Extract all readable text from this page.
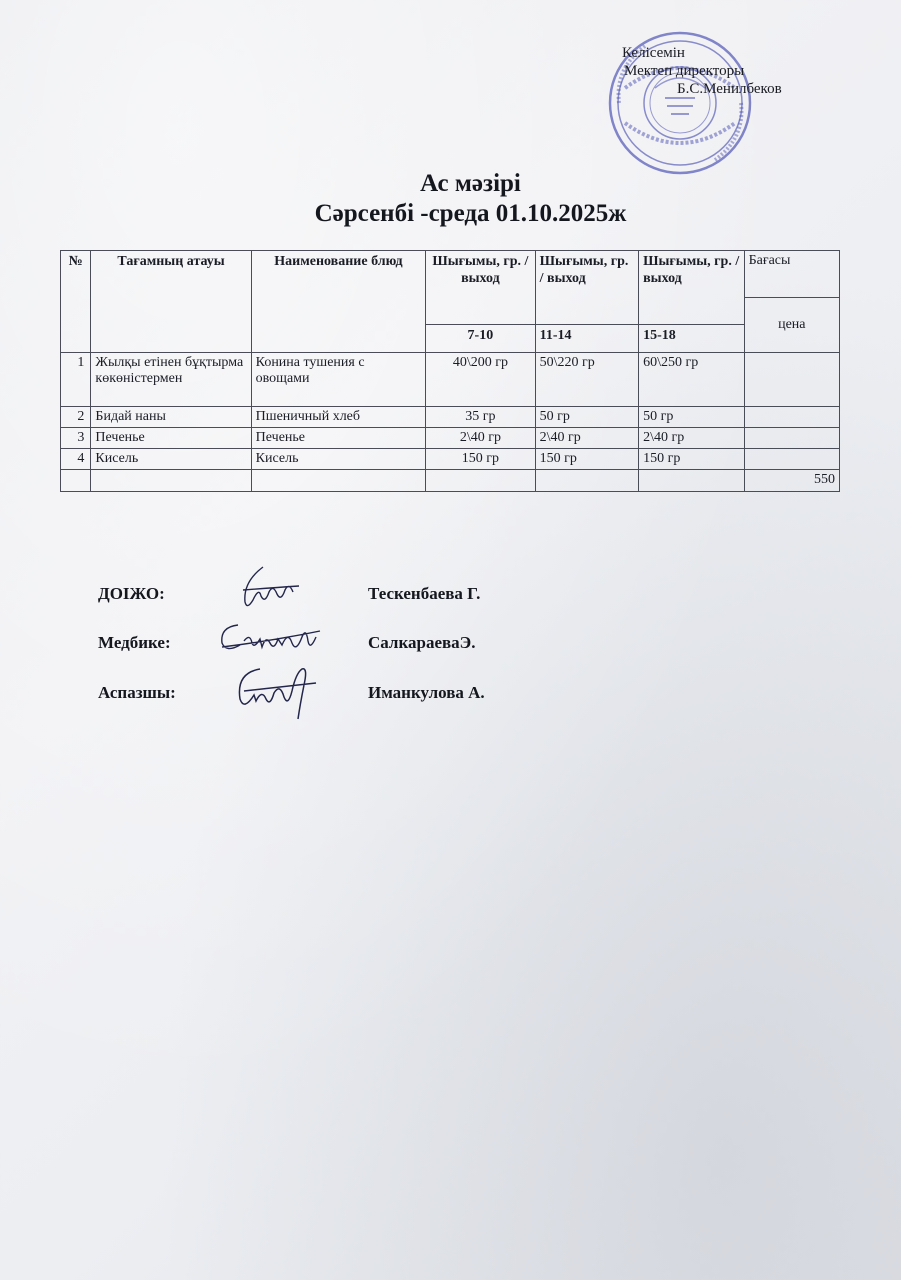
Келісемін
Мектеп директоры
Б.С.Менилбеков
Ас мәзірі
Сәрсенбі -среда 01.10.2025ж
№	Тағамның атауы	Наименование блюд	Шығымы, гр. / выход	Шығымы, гр. / выход	Шығымы, гр. / выход	Бағасы
						цена
			7-10	11-14	15-18	
1	Жылқы етінен бұқтырма көкөністермен	Конина тушения с овощами	40\200 гр	50\220 гр	60\250 гр	
2	Бидай наны	Пшеничный хлеб	35 гр	50 гр	50 гр	
3	Печенье	Печенье	2\40 гр	2\40 гр	2\40 гр	
4	Кисель	Кисель	150 гр	150 гр	150 гр	
						550
ДОІЖО:	Тескенбаева Г.
Медбике:	СалкараеваЭ.
Аспазшы:	Иманкулова А.
